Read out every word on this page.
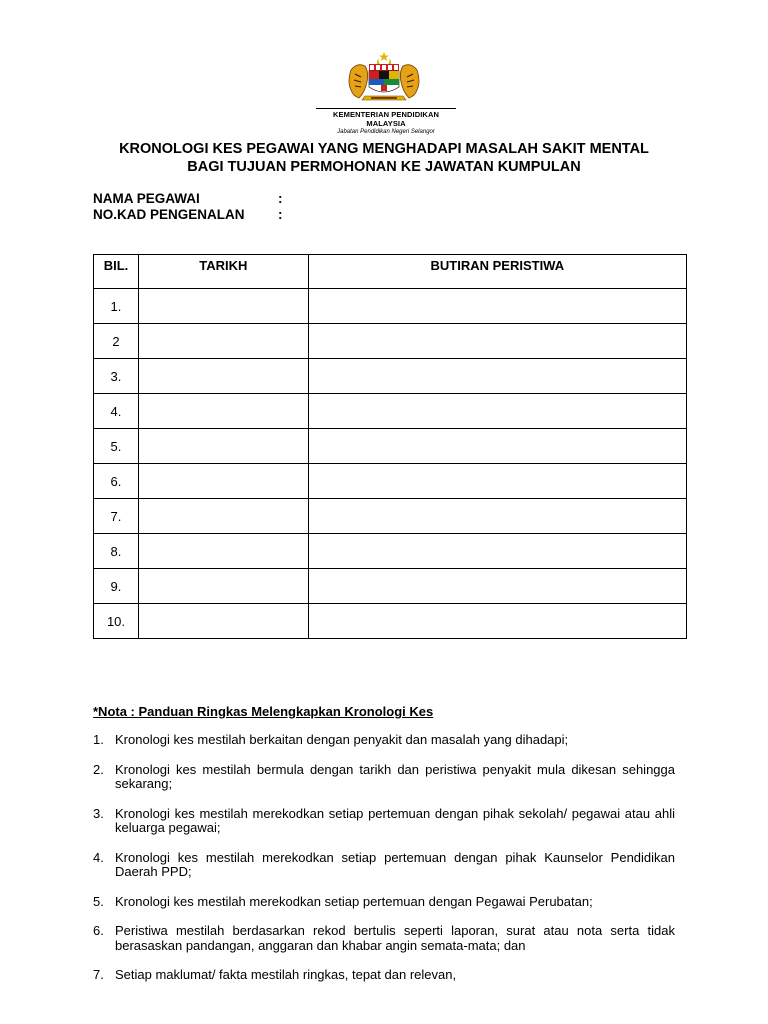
KEMENTERIAN PENDIDIKAN MALAYSIA
Jabatan Pendidikan Negeri Selangor
KRONOLOGI KES PEGAWAI YANG MENGHADAPI MASALAH SAKIT MENTAL
BAGI TUJUAN PERMOHONAN KE JAWATAN KUMPULAN
NAMA PEGAWAI	:
NO.KAD PENGENALAN :
BIL.	TARIKH	BUTIRAN PERISTIWA
1.		
2		
3.		
4.		
5.		
6.		
7.		
8.		
9.		
10.		
*Nota : Panduan Ringkas Melengkapkan Kronologi Kes
1. Kronologi kes mestilah berkaitan dengan penyakit dan masalah yang dihadapi;
2. Kronologi kes mestilah bermula dengan tarikh dan peristiwa penyakit mula dikesan sehingga sekarang;
3. Kronologi kes mestilah merekodkan setiap pertemuan dengan pihak sekolah/ pegawai atau ahli keluarga pegawai;
4. Kronologi kes mestilah merekodkan setiap pertemuan dengan pihak Kaunselor Pendidikan Daerah PPD;
5. Kronologi kes mestilah merekodkan setiap pertemuan dengan Pegawai Perubatan;
6. Peristiwa mestilah berdasarkan rekod bertulis seperti laporan, surat atau nota serta tidak berasaskan pandangan, anggaran dan khabar angin semata-mata; dan
7. Setiap maklumat/ fakta mestilah ringkas, tepat dan relevan,
